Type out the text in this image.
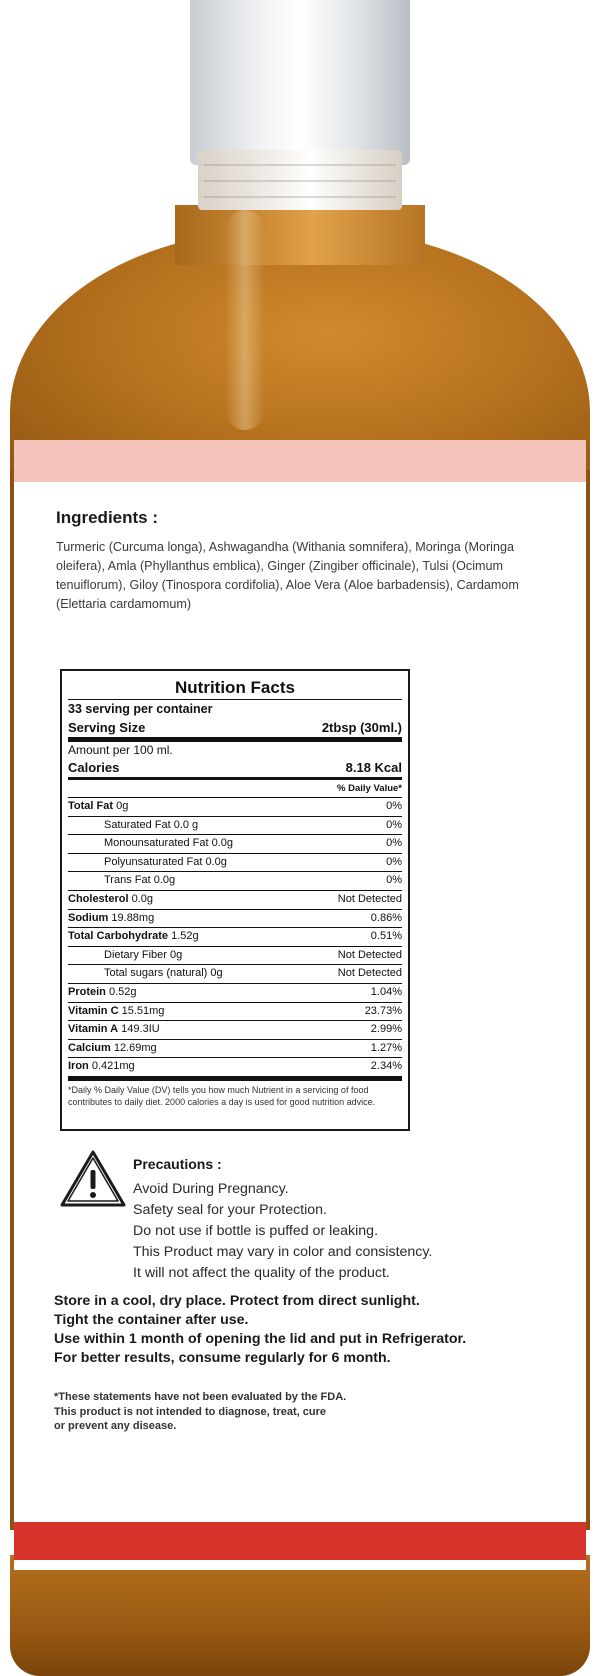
Ingredients :
Turmeric (Curcuma longa), Ashwagandha (Withania somnifera), Moringa (Moringa oleifera), Amla (Phyllanthus emblica), Ginger (Zingiber officinale), Tulsi (Ocimum tenuiflorum), Giloy (Tinospora cordifolia), Aloe Vera (Aloe barbadensis), Cardamom (Elettaria cardamomum)
Nutrition Facts
33 serving per container
Serving Size	2tbsp (30ml.)
Amount per 100 ml.
Calories	8.18 Kcal
% Daily Value*
Total Fat 0g	0%
Saturated Fat 0.0 g	0%
Monounsaturated Fat 0.0g	0%
Polyunsaturated Fat 0.0g	0%
Trans Fat 0.0g	0%
Cholesterol 0.0g	Not Detected
Sodium 19.88mg	0.86%
Total Carbohydrate 1.52g	0.51%
Dietary Fiber 0g	Not Detected
Total sugars (natural) 0g	Not Detected
Protein 0.52g	1.04%
Vitamin C 15.51mg	23.73%
Vitamin A 149.3IU	2.99%
Calcium 12.69mg	1.27%
Iron 0.421mg	2.34%
*Daily % Daily Value (DV) tells you how much Nutrient in a servicing of food contributes to daily diet. 2000 calories a day is used for good nutrition advice.
Precautions :
Avoid During Pregnancy.
Safety seal for your Protection.
Do not use if bottle is puffed or leaking.
This Product may vary in color and consistency.
It will not affect the quality of the product.
Store in a cool, dry place. Protect from direct sunlight.
Tight the container after use.
Use within 1 month of opening the lid and put in Refrigerator.
For better results, consume regularly for 6 month.
*These statements have not been evaluated by the FDA.
This product is not intended to diagnose, treat, cure
or prevent any disease.
